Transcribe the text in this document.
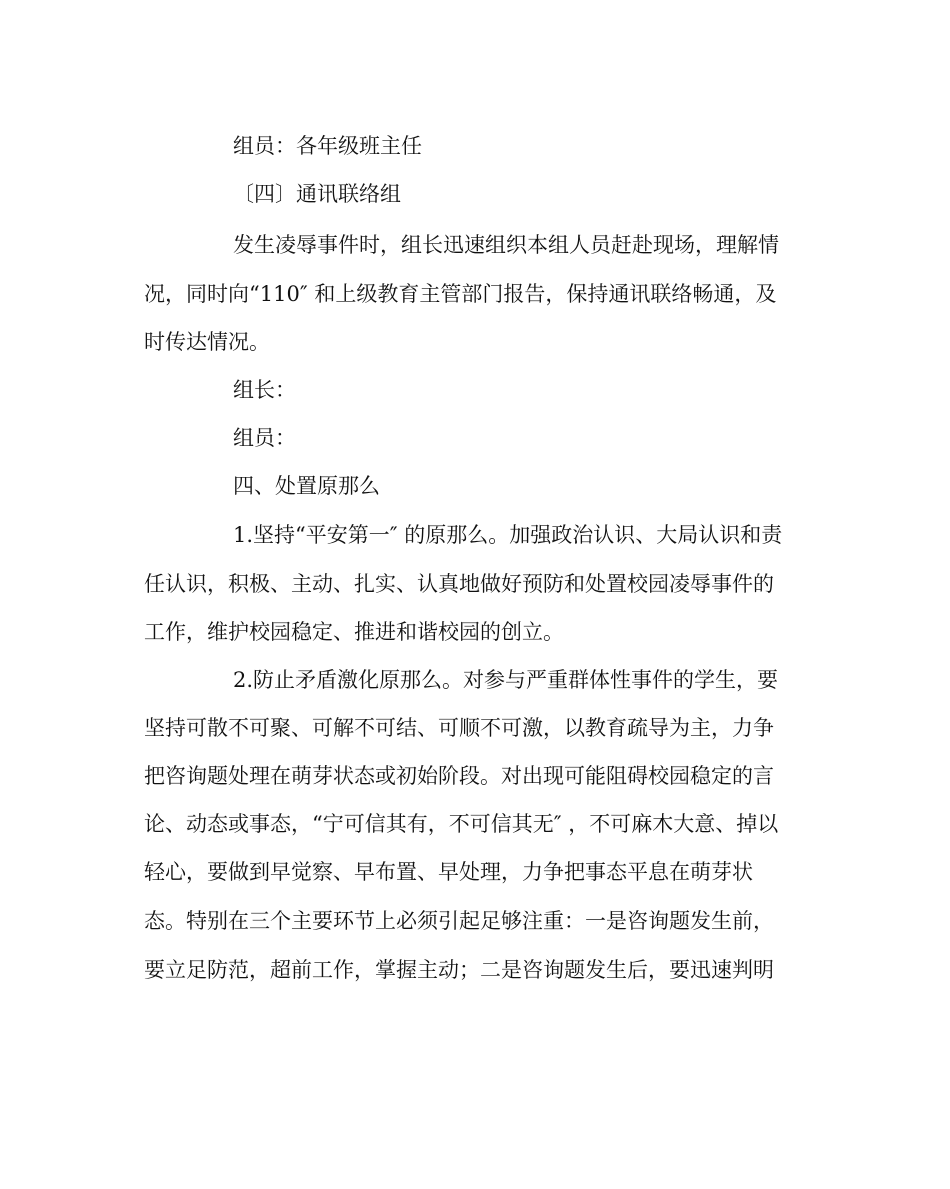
组员：各年级班主任
〔四〕通讯联络组
发生凌辱事件时，组长迅速组织本组人员赶赴现场，理解情
况，同时向“110″ 和上级教育主管部门报告，保持通讯联络畅通，及
时传达情况。
组长：
组员：
四、处置原那么
1.坚持“平安第一″ 的原那么。加强政治认识、大局认识和责
任认识，积极、主动、扎实、认真地做好预防和处置校园凌辱事件的
工作，维护校园稳定、推进和谐校园的创立。
2.防止矛盾激化原那么。对参与严重群体性事件的学生，要
坚持可散不可聚、可解不可结、可顺不可激，以教育疏导为主，力争
把咨询题处理在萌芽状态或初始阶段。对出现可能阻碍校园稳定的言
论、动态或事态，“宁可信其有，不可信其无″ ，不可麻木大意、掉以
轻心，要做到早觉察、早布置、早处理，力争把事态平息在萌芽状
态。特别在三个主要环节上必须引起足够注重：一是咨询题发生前，
要立足防范，超前工作，掌握主动；二是咨询题发生后，要迅速判明
